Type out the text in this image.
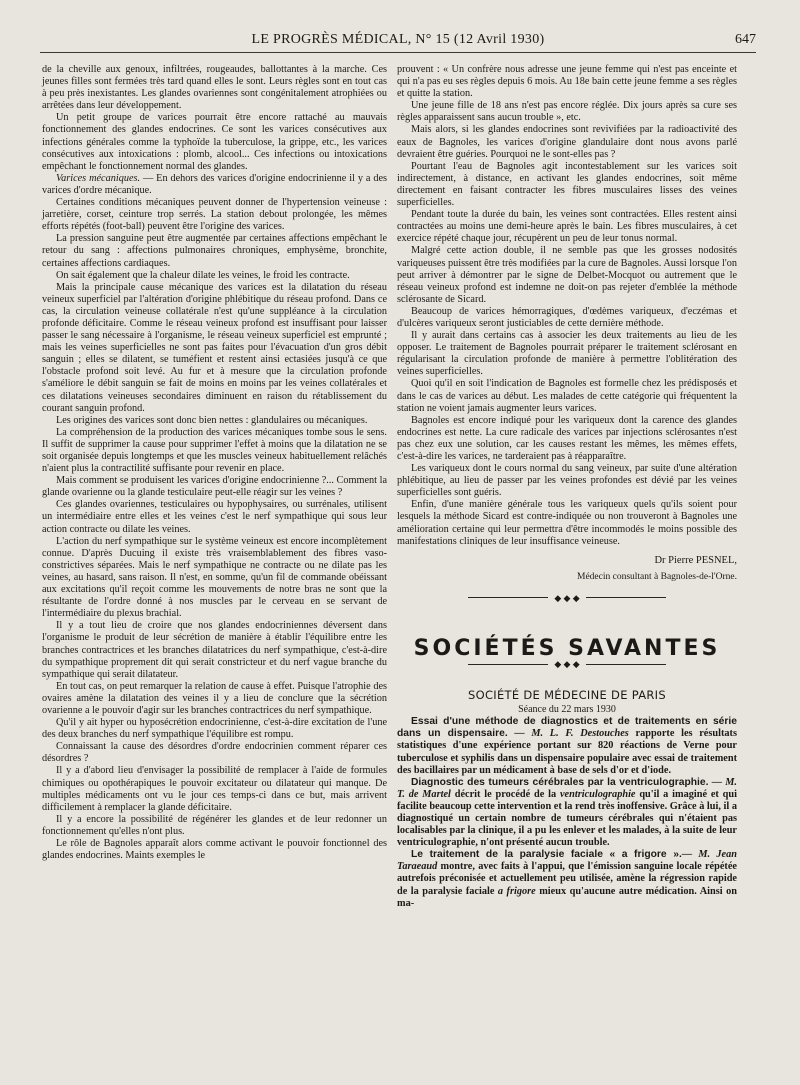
LE PROGRÈS MÉDICAL, N° 15 (12 Avril 1930)	647

de la cheville aux genoux, infiltrées, rougeaudes, ballottantes à la marche. Ces jeunes filles sont fermées très tard quand elles le sont. Leurs règles sont en tout cas à peu près inexistantes. Les glandes ovariennes sont congénitalement atrophiées ou arrêtées dans leur développement.

Un petit groupe de varices pourrait être encore rattaché au mauvais fonctionnement des glandes endocrines. Ce sont les varices consécutives aux infections générales comme la typhoïde la tuberculose, la grippe, etc., les varices consécutives aux intoxications : plomb, alcool... Ces infections ou intoxications empêchant le fonctionnement normal des glandes.

Varices mécaniques. — En dehors des varices d'origine endocrinienne il y a des varices d'ordre mécanique.

Certaines conditions mécaniques peuvent donner de l'hypertension veineuse : jarretière, corset, ceinture trop serrés. La station debout prolongée, les mêmes efforts répétés (foot-ball) peuvent être l'origine des varices.

La pression sanguine peut être augmentée par certaines affections empêchant le retour du sang : affections pulmonaires chroniques, emphysème, bronchite, certaines affections cardiaques.

On sait également que la chaleur dilate les veines, le froid les contracte.

Mais la principale cause mécanique des varices est la dilatation du réseau veineux superficiel par l'altération d'origine phlébitique du réseau profond. Dans ce cas, la circulation veineuse collatérale n'est qu'une suppléance à la circulation profonde déficitaire. Comme le réseau veineux profond est insuffisant pour laisser passer le sang nécessaire à l'organisme, le réseau veineux superficiel est emprunté ; mais les veines superficielles ne sont pas faites pour l'évacuation d'un gros débit sanguin ; elles se dilatent, se tuméfient et restent ainsi ectasiées jusqu'à ce que l'obstacle profond soit levé. Au fur et à mesure que la circulation profonde s'améliore le débit sanguin se fait de moins en moins par les veines collatérales et ces dilatations veineuses secondaires diminuent en raison du rétablissement du courant sanguin profond.

Les origines des varices sont donc bien nettes : glandulaires ou mécaniques.

La compréhension de la production des varices mécaniques tombe sous le sens. Il suffit de supprimer la cause pour supprimer l'effet à moins que la dilatation ne se soit organisée depuis longtemps et que les muscles veineux habituellement relâchés n'aient plus la contractilité suffisante pour revenir en place.

Mais comment se produisent les varices d'origine endocrinienne ?... Comment la glande ovarienne ou la glande testiculaire peut-elle réagir sur les veines ?

Ces glandes ovariennes, testiculaires ou hypophysaires, ou surrénales, utilisent un intermédiaire entre elles et les veines c'est le nerf sympathique qui sous leur action contracte ou dilate les veines.

L'action du nerf sympathique sur le système veineux est encore incomplètement connue. D'après Ducuing il existe très vraisemblablement des fibres vaso-constrictives séparées. Mais le nerf sympathique ne contracte ou ne dilate pas les veines, au hasard, sans raison. Il n'est, en somme, qu'un fil de commande obéissant aux excitations qu'il reçoit comme les mouvements de notre bras ne sont que la résultante de l'ordre donné à nos muscles par le cerveau en se servant de l'intermédiaire du plexus brachial.

Il y a tout lieu de croire que nos glandes endocriniennes déversent dans l'organisme le produit de leur sécrétion de manière à établir l'équilibre entre les branches contractrices et les branches dilatatrices du nerf sympathique, c'est-à-dire du sympathique proprement dit qui serait constricteur et du nerf vague branche du sympathique qui serait dilatateur.

En tout cas, on peut remarquer la relation de cause à effet. Puisque l'atrophie des ovaires amène la dilatation des veines il y a lieu de conclure que la sécrétion ovarienne a le pouvoir d'agir sur les branches contractrices du nerf sympathique.

Qu'il y ait hyper ou hyposécrétion endocrinienne, c'est-à-dire excitation de l'une des deux branches du nerf sympathique l'équilibre est rompu.

Connaissant la cause des désordres d'ordre endocrinien comment réparer ces désordres ?

Il y a d'abord lieu d'envisager la possibilité de remplacer à l'aide de formules chimiques ou opothérapiques le pouvoir excitateur ou dilatateur qui manque. De multiples médicaments ont vu le jour ces temps-ci dans ce but, mais arrivent difficilement à remplacer la glande déficitaire.

Il y a encore la possibilité de régénérer les glandes et de leur redonner un fonctionnement qu'elles n'ont plus.

Le rôle de Bagnoles apparaît alors comme activant le pouvoir fonctionnel des glandes endocrines. Maints exemples le

prouvent : « Un confrère nous adresse une jeune femme qui n'est pas enceinte et qui n'a pas eu ses règles depuis 6 mois. Au 18e bain cette jeune femme a ses règles et quitte la station.

Une jeune fille de 18 ans n'est pas encore réglée. Dix jours après sa cure ses règles apparaissent sans aucun trouble », etc.

Mais alors, si les glandes endocrines sont revivifiées par la radioactivité des eaux de Bagnoles, les varices d'origine glandulaire dont nous avons parlé devraient être guéries. Pourquoi ne le sont-elles pas ?

Pourtant l'eau de Bagnoles agit incontestablement sur les varices soit indirectement, à distance, en activant les glandes endocrines, soit même directement en faisant contracter les fibres musculaires lisses des veines superficielles.

Pendant toute la durée du bain, les veines sont contractées. Elles restent ainsi contractées au moins une demi-heure après le bain. Les fibres musculaires, à cet exercice répété chaque jour, récupèrent un peu de leur tonus normal.

Malgré cette action double, il ne semble pas que les grosses nodosités variqueuses puissent être très modifiées par la cure de Bagnoles. Aussi lorsque l'on peut arriver à démontrer par le signe de Delbet-Mocquot ou autrement que le réseau veineux profond est indemne ne doit-on pas rejeter d'emblée la méthode sclérosante de Sicard.

Beaucoup de varices hémorragiques, d'œdèmes variqueux, d'eczémas et d'ulcères variqueux seront justiciables de cette dernière méthode.

Il y aurait dans certains cas à associer les deux traitements au lieu de les opposer. Le traitement de Bagnoles pourrait préparer le traitement sclérosant en régularisant la circulation profonde de manière à permettre l'oblitération des veines superficielles.

Quoi qu'il en soit l'indication de Bagnoles est formelle chez les prédisposés et dans le cas de varices au début. Les malades de cette catégorie qui fréquentent la station ne voient jamais augmenter leurs varices.

Bagnoles est encore indiqué pour les variqueux dont la carence des glandes endocrines est nette. La cure radicale des varices par injections sclérosantes n'est pas chez eux une solution, car les causes restant les mêmes, les mêmes effets, c'est-à-dire les varices, ne tarderaient pas à réapparaître.

Les variqueux dont le cours normal du sang veineux, par suite d'une altération phlébitique, au lieu de passer par les veines profondes est dévié par les veines superficielles sont guéris.

Enfin, d'une manière générale tous les variqueux quels qu'ils soient pour lesquels la méthode Sicard est contre-indiquée ou non trouveront à Bagnoles une amélioration certaine qui leur permettra d'être incommodés le moins possible des manifestations cliniques de leur insuffisance veineuse.

Dr Pierre PESNEL,
Médecin consultant à Bagnoles-de-l'Orne.
◆ ◆ ◆
SOCIÉTÉS SAVANTES
◆ ◆ ◆
SOCIÉTÉ DE MÉDECINE DE PARIS
Séance du 22 mars 1930

Essai d'une méthode de diagnostics et de traitements en série dans un dispensaire. — M. L. F. Destouches rapporte les résultats statistiques d'une expérience portant sur 820 réactions de Verne pour tuberculose et syphilis dans un dispensaire populaire avec essai de traitement des bacillaires par un médicament à base de sels d'or et d'iode.

Diagnostic des tumeurs cérébrales par la ventriculographie. — M. T. de Martel décrit le procédé de la ventriculographie qu'il a imaginé et qui facilite beaucoup cette intervention et la rend très inoffensive. Grâce à lui, il a diagnostiqué un certain nombre de tumeurs cérébrales qui n'étaient pas localisables par la clinique, il a pu les enlever et les malades, à la suite de leur ventriculographie, n'ont présenté aucun trouble.

Le traitement de la paralysie faciale « a frigore ».— M. Jean Taraeaud montre, avec faits à l'appui, que l'émission sanguine locale répétée autrefois préconisée et actuellement peu utilisée, amène la régression rapide de la paralysie faciale a frigore mieux qu'aucune autre médication. Ainsi on ma-
